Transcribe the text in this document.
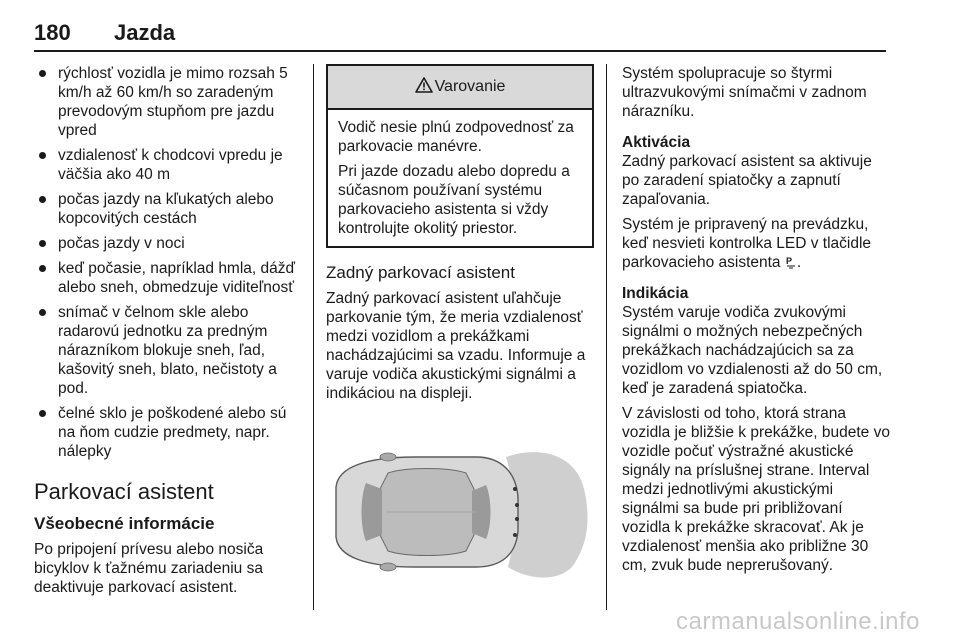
180 Jazda
rýchlosť vozidla je mimo rozsah 5 km/h až 60 km/h so zaradeným prevodovým stupňom pre jazdu vpred
vzdialenosť k chodcovi vpredu je väčšia ako 40 m
počas jazdy na kľukatých alebo kopcovitých cestách
počas jazdy v noci
keď počasie, napríklad hmla, dážď alebo sneh, obmedzuje viditeľnosť
snímač v čelnom skle alebo radarovú jednotku za predným nárazníkom blokuje sneh, ľad, kašovitý sneh, blato, nečistoty a pod.
čelné sklo je poškodené alebo sú na ňom cudzie predmety, napr. nálepky
Parkovací asistent
Všeobecné informácie

Po pripojení prívesu alebo nosiča bicyklov k ťažnému zariadeniu sa deaktivuje parkovací asistent.

Varovanie

Vodič nesie plnú zodpovednosť za parkovacie manévre.

Pri jazde dozadu alebo dopredu a súčasnom používaní systému parkovacieho asistenta si vždy kontrolujte okolitý priestor.

Zadný parkovací asistent

Zadný parkovací asistent uľahčuje parkovanie tým, že meria vzdialenosť medzi vozidlom a prekážkami nachádzajúcimi sa vzadu. Informuje a varuje vodiča akustickými signálmi a indikáciou na displeji.

Systém spolupracuje so štyrmi ultrazvukovými snímačmi v zadnom nárazníku.

Aktivácia

Zadný parkovací asistent sa aktivuje po zaradení spiatočky a zapnutí zapaľovania.

Systém je pripravený na prevádzku, keď nesvieti kontrolka LED v tlačidle parkovacieho asistenta P .

Indikácia

Systém varuje vodiča zvukovými signálmi o možných nebezpečných prekážkach nachádzajúcich sa za vozidlom vo vzdialenosti až do 50 cm, keď je zaradená spiatočka.

V závislosti od toho, ktorá strana vozidla je bližšie k prekážke, budete vo vozidle počuť výstražné akustické signály na príslušnej strane. Interval medzi jednotlivými akustickými signálmi sa bude pri približovaní vozidla k prekážke skracovať. Ak je vzdialenosť menšia ako približne 30 cm, zvuk bude neprerušovaný.

carmanualsonline.info
